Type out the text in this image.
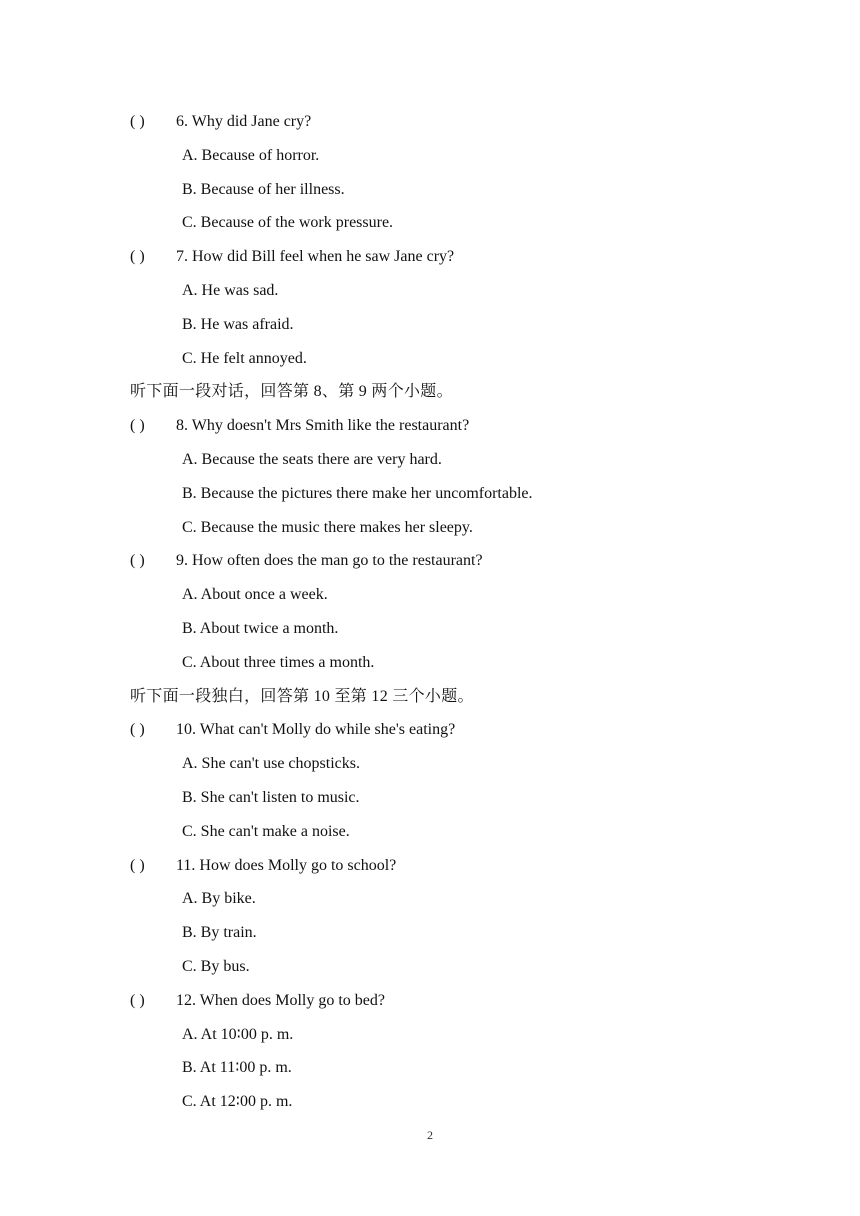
( ) 6. Why did Jane cry?
A. Because of horror.
B. Because of her illness.
C. Because of the work pressure.
( ) 7. How did Bill feel when he saw Jane cry?
A. He was sad.
B. He was afraid.
C. He felt annoyed.
听下面一段对话，回答第 8、第 9 两个小题。
( ) 8. Why doesn't Mrs Smith like the restaurant?
A. Because the seats there are very hard.
B. Because the pictures there make her uncomfortable.
C. Because the music there makes her sleepy.
( ) 9. How often does the man go to the restaurant?
A. About once a week.
B. About twice a month.
C. About three times a month.
听下面一段独白，回答第 10 至第 12 三个小题。
( ) 10. What can't Molly do while she's eating?
A. She can't use chopsticks.
B. She can't listen to music.
C. She can't make a noise.
( ) 11. How does Molly go to school?
A. By bike.
B. By train.
C. By bus.
( ) 12. When does Molly go to bed?
A. At 10∶00 p. m.
B. At 11∶00 p. m.
C. At 12∶00 p. m.
2
